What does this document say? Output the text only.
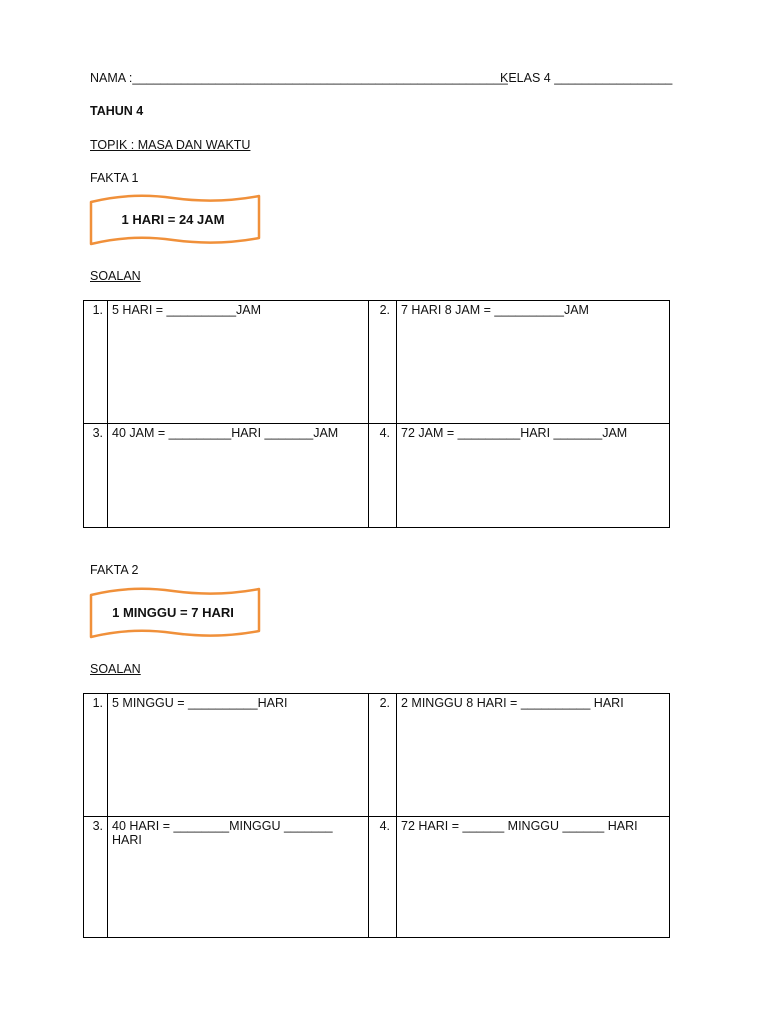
NAMA :______________________________________________________
KELAS 4 _________________
TAHUN 4
TOPIK : MASA DAN WAKTU
FAKTA 1
1 HARI = 24 JAM
SOALAN
1.	5 HARI = __________JAM	2.	7 HARI 8 JAM = __________JAM
3.	40 JAM = _________HARI _______JAM	4.	72 JAM = _________HARI _______JAM
FAKTA 2
1 MINGGU = 7 HARI
SOALAN
1.	5 MINGGU = __________HARI	2.	2 MINGGU 8 HARI = __________ HARI
3.	40 HARI = ________MINGGU _______ HARI	4.	72 HARI = ______ MINGGU ______ HARI
